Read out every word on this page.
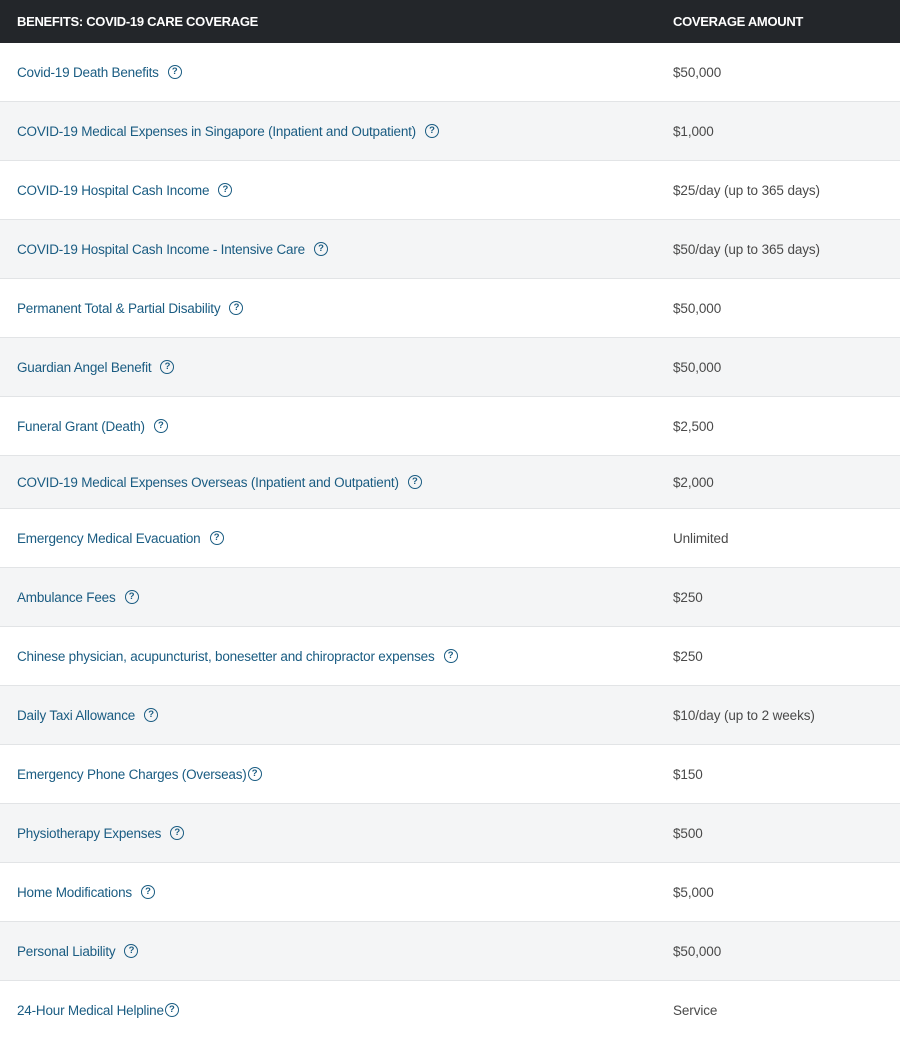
BENEFITS: COVID-19 CARE COVERAGE	COVERAGE AMOUNT
Covid-19 Death Benefits	?	$50,000
COVID-19 Medical Expenses in Singapore (Inpatient and Outpatient)	?	$1,000
COVID-19 Hospital Cash Income	?	$25/day (up to 365 days)
COVID-19 Hospital Cash Income - Intensive Care	?	$50/day (up to 365 days)
Permanent Total & Partial Disability	?	$50,000
Guardian Angel Benefit	?	$50,000
Funeral Grant (Death)	?	$2,500
COVID-19 Medical Expenses Overseas (Inpatient and Outpatient)	?	$2,000
Emergency Medical Evacuation	?	Unlimited
Ambulance Fees	?	$250
Chinese physician, acupuncturist, bonesetter and chiropractor expenses	?	$250
Daily Taxi Allowance	?	$10/day (up to 2 weeks)
Emergency Phone Charges (Overseas) ?	$150
Physiotherapy Expenses	?	$500
Home Modifications	?	$5,000
Personal Liability	?	$50,000
24-Hour Medical Helpline ?	Service
